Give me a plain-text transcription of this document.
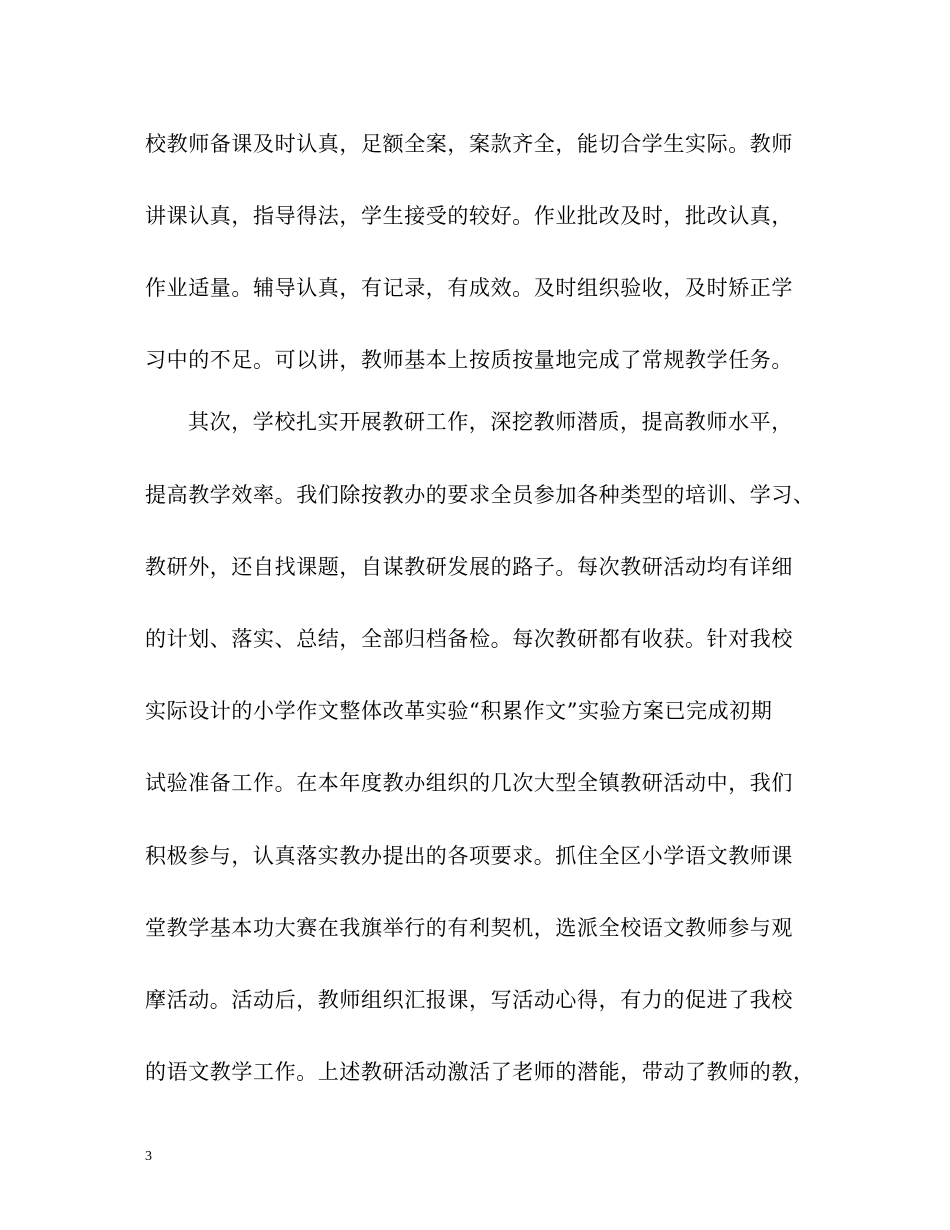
校教师备课及时认真，足额全案，案款齐全，能切合学生实际。教师
讲课认真，指导得法，学生接受的较好。作业批改及时，批改认真，
作业适量。辅导认真，有记录，有成效。及时组织验收，及时矫正学
习中的不足。可以讲，教师基本上按质按量地完成了常规教学任务。
其次，学校扎实开展教研工作，深挖教师潜质，提高教师水平，
提高教学效率。我们除按教办的要求全员参加各种类型的培训、学习、
教研外，还自找课题，自谋教研发展的路子。每次教研活动均有详细
的计划、落实、总结，全部归档备检。每次教研都有收获。针对我校
实际设计的小学作文整体改革实验“积累作文”实验方案已完成初期
试验准备工作。在本年度教办组织的几次大型全镇教研活动中，我们
积极参与，认真落实教办提出的各项要求。抓住全区小学语文教师课
堂教学基本功大赛在我旗举行的有利契机，选派全校语文教师参与观
摩活动。活动后，教师组织汇报课，写活动心得，有力的促进了我校
的语文教学工作。上述教研活动激活了老师的潜能，带动了教师的教，
3
